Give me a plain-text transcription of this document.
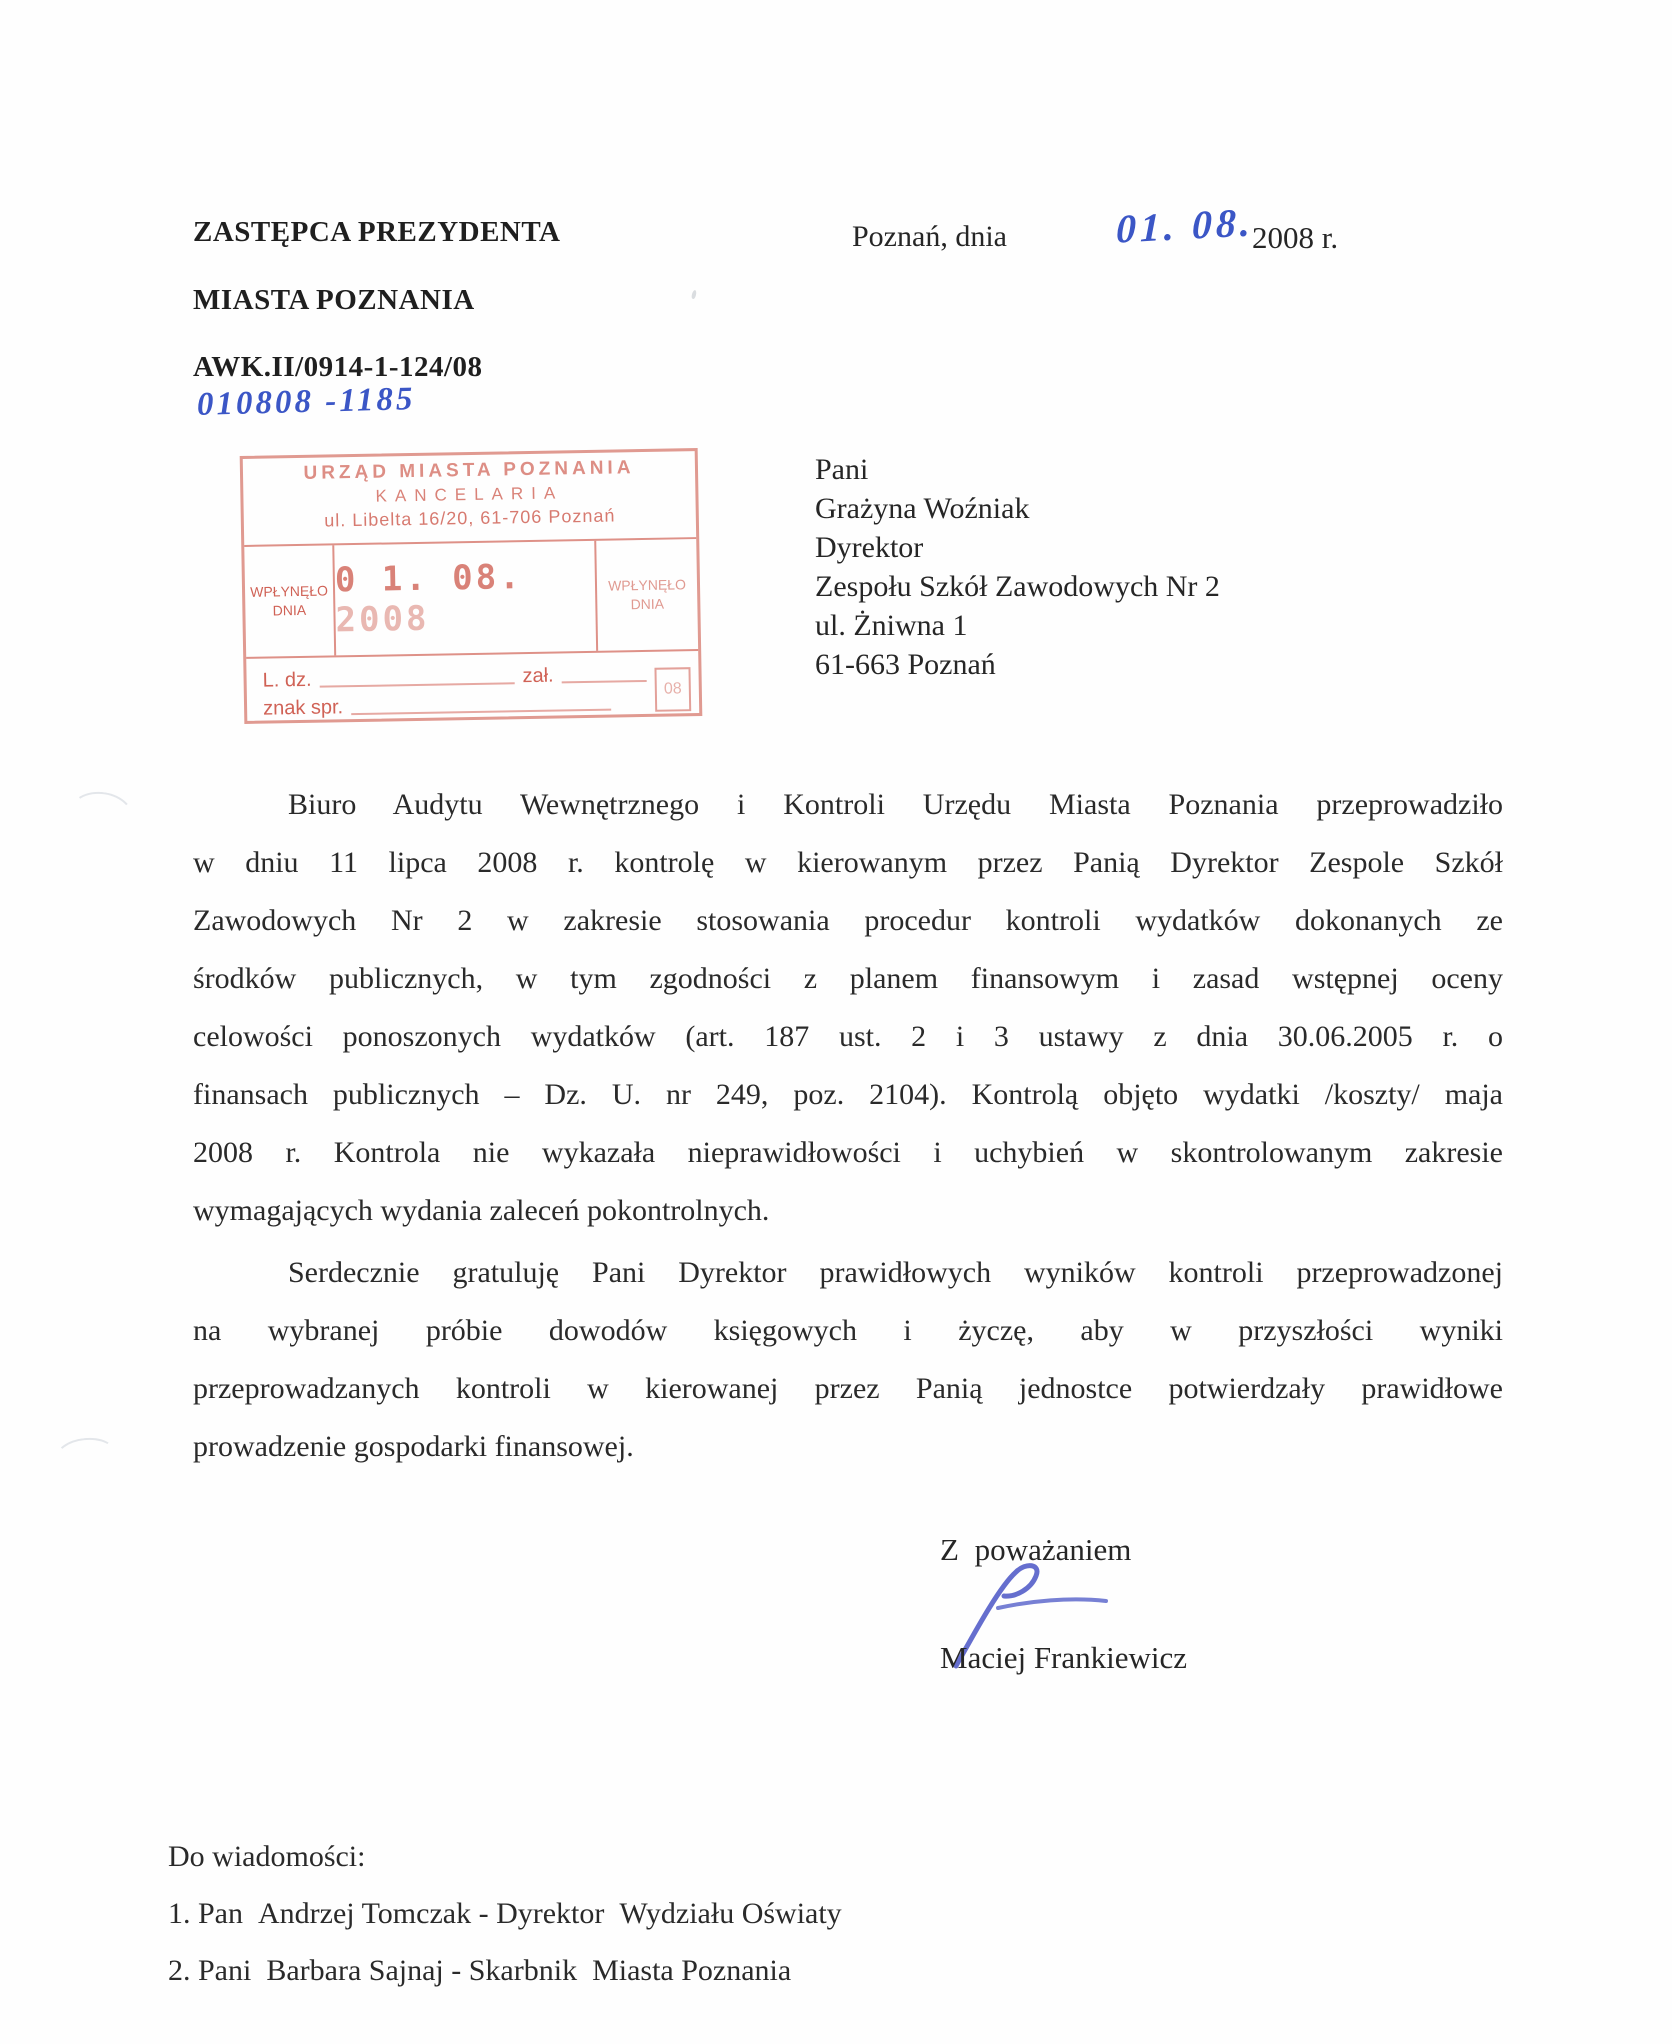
ZASTĘPCA PREZYDENTA
MIASTA POZNANIA
AWK.II/0914-1-124/08
010808 -1185
Poznań, dnia	01. 08.
2008 r.
URZĄD MIASTA POZNANIA
KANCELARIA
ul. Libelta 16/20, 61-706 Poznań
WPŁYNĘŁO
DNIA
0 1. 08. 2008
WPŁYNĘŁO
DNIA
L. dz.	zał.
znak spr.
08
Pani
Grażyna Woźniak
Dyrektor
Zespołu Szkół Zawodowych Nr 2
ul. Żniwna 1
61-663 Poznań
Biuro Audytu Wewnętrznego i Kontroli Urzędu Miasta Poznania przeprowadziło
w dniu 11 lipca 2008 r. kontrolę w kierowanym przez Panią Dyrektor Zespole Szkół
Zawodowych Nr 2 w zakresie stosowania procedur kontroli wydatków dokonanych ze
środków publicznych, w tym zgodności z planem finansowym i zasad wstępnej oceny
celowości ponoszonych wydatków (art. 187 ust. 2 i 3 ustawy z dnia 30.06.2005 r. o
finansach publicznych – Dz. U. nr 249, poz. 2104). Kontrolą objęto wydatki /koszty/ maja
2008 r. Kontrola nie wykazała nieprawidłowości i uchybień w skontrolowanym zakresie
wymagających wydania zaleceń pokontrolnych.
Serdecznie gratuluję Pani Dyrektor prawidłowych wyników kontroli przeprowadzonej
na wybranej próbie dowodów księgowych i życzę, aby w przyszłości wyniki
przeprowadzanych kontroli w kierowanej przez Panią jednostce potwierdzały prawidłowe
prowadzenie gospodarki finansowej.
Z poważaniem
Maciej Frankiewicz
Do wiadomości:
1. Pan  Andrzej Tomczak - Dyrektor  Wydziału Oświaty
2. Pani  Barbara Sajnaj - Skarbnik  Miasta Poznania
